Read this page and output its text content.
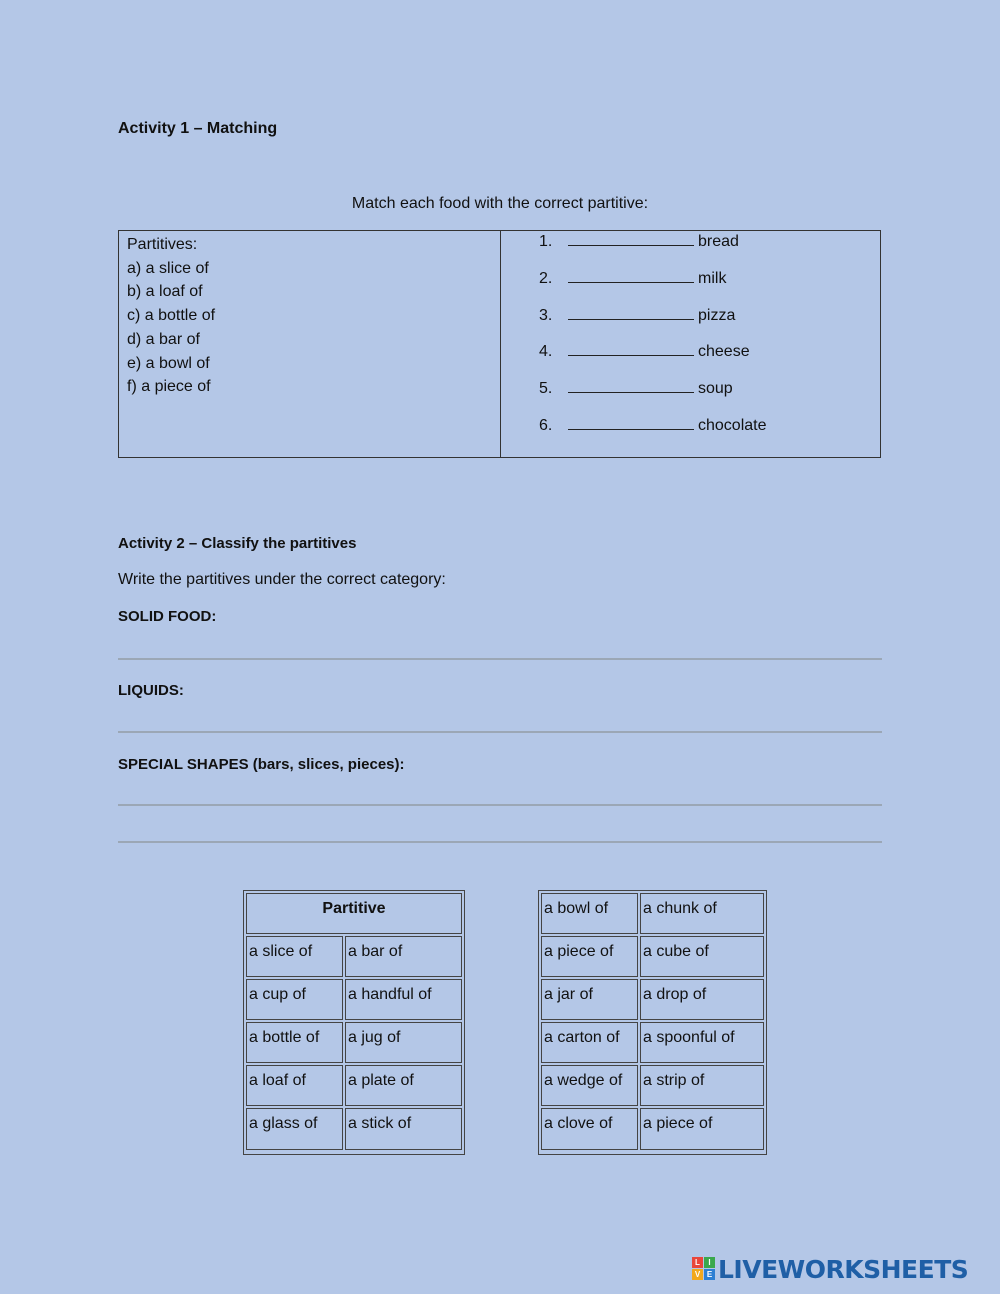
Activity 1 – Matching
Match each food with the correct partitive:
Partitives:
a) a slice of
b) a loaf of
c) a bottle of
d) a bar of
e) a bowl of
f) a piece of
1.	bread
2.	milk
3.	pizza
4.	cheese
5.	soup
6.	chocolate
Activity 2 – Classify the partitives
Write the partitives under the correct category:
SOLID FOOD:
LIQUIDS:
SPECIAL SHAPES (bars, slices, pieces):
Partitive
a slice of	a bar of
a cup of	a handful of
a bottle of	a jug of
a loaf of	a plate of
a glass of	a stick of
a bowl of	a chunk of
a piece of	a cube of
a jar of	a drop of
a carton of	a spoonful of
a wedge of	a strip of
a clove of	a piece of
L	I
V E LIVEWORKSHEETS
